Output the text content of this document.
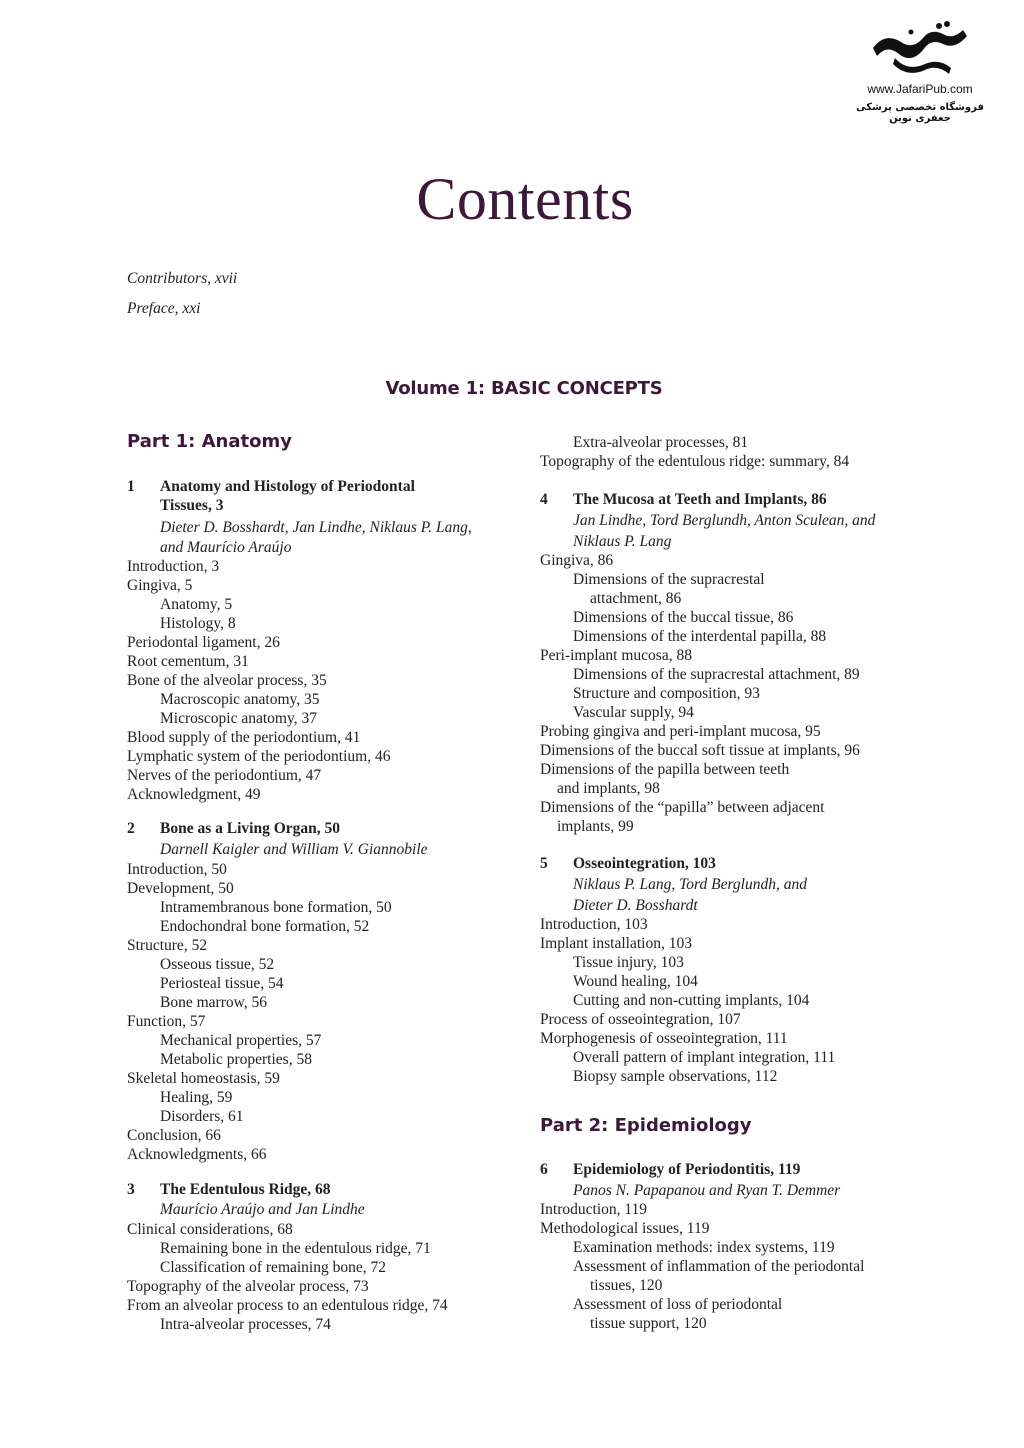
www.JafariPub.com
فروشگاه تخصصی پزشکی جعفری نوین
Contents
Contributors, xvii
Preface, xxi
Volume 1: BASIC CONCEPTS
Part 1: Anatomy
1 Anatomy and Histology of Periodontal
Tissues, 3
Dieter D. Bosshardt, Jan Lindhe, Niklaus P. Lang,
and Maurício Araújo
Introduction, 3
Gingiva, 5
Anatomy, 5
Histology, 8
Periodontal ligament, 26
Root cementum, 31
Bone of the alveolar process, 35
Macroscopic anatomy, 35
Microscopic anatomy, 37
Blood supply of the periodontium, 41
Lymphatic system of the periodontium, 46
Nerves of the periodontium, 47
Acknowledgment, 49
2 Bone as a Living Organ, 50
Darnell Kaigler and William V. Giannobile
Introduction, 50
Development, 50
Intramembranous bone formation, 50
Endochondral bone formation, 52
Structure, 52
Osseous tissue, 52
Periosteal tissue, 54
Bone marrow, 56
Function, 57
Mechanical properties, 57
Metabolic properties, 58
Skeletal homeostasis, 59
Healing, 59
Disorders, 61
Conclusion, 66
Acknowledgments, 66
3 The Edentulous Ridge, 68
Maurício Araújo and Jan Lindhe
Clinical considerations, 68
Remaining bone in the edentulous ridge, 71
Classification of remaining bone, 72
Topography of the alveolar process, 73
From an alveolar process to an edentulous ridge, 74
Intra-alveolar processes, 74
Extra-alveolar processes, 81
Topography of the edentulous ridge: summary, 84
4 The Mucosa at Teeth and Implants, 86
Jan Lindhe, Tord Berglundh, Anton Sculean, and
Niklaus P. Lang
Gingiva, 86
Dimensions of the supracrestal
attachment, 86
Dimensions of the buccal tissue, 86
Dimensions of the interdental papilla, 88
Peri-implant mucosa, 88
Dimensions of the supracrestal attachment, 89
Structure and composition, 93
Vascular supply, 94
Probing gingiva and peri-implant mucosa, 95
Dimensions of the buccal soft tissue at implants, 96
Dimensions of the papilla between teeth
and implants, 98
Dimensions of the “papilla” between adjacent
implants, 99
5 Osseointegration, 103
Niklaus P. Lang, Tord Berglundh, and
Dieter D. Bosshardt
Introduction, 103
Implant installation, 103
Tissue injury, 103
Wound healing, 104
Cutting and non-cutting implants, 104
Process of osseointegration, 107
Morphogenesis of osseointegration, 111
Overall pattern of implant integration, 111
Biopsy sample observations, 112
Part 2: Epidemiology
6 Epidemiology of Periodontitis, 119
Panos N. Papapanou and Ryan T. Demmer
Introduction, 119
Methodological issues, 119
Examination methods: index systems, 119
Assessment of inflammation of the periodontal
tissues, 120
Assessment of loss of periodontal
tissue support, 120
